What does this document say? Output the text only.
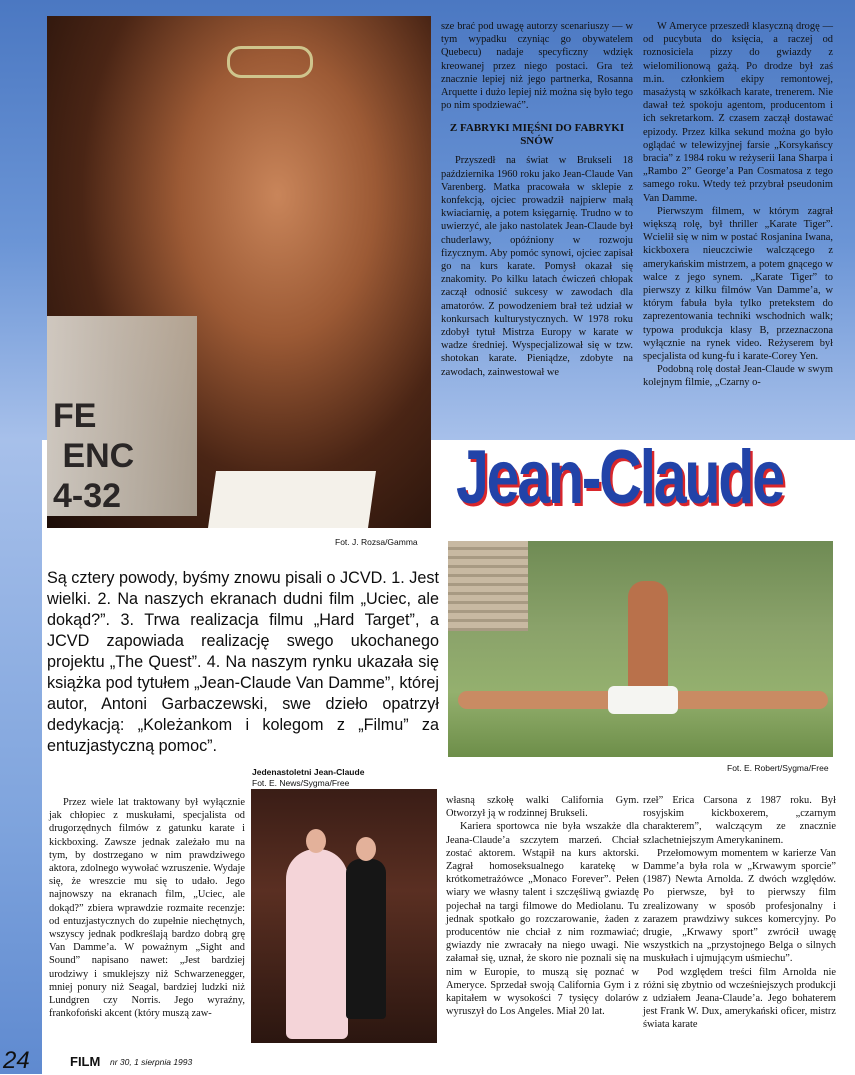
FE
ENC
4-32
Fot. J. Rozsa/Gamma

sze brać pod uwagę autorzy scenariuszy — w tym wypadku czyniąc go obywatelem Quebecu) nadaje specyficzny wdzięk kreowanej przez niego postaci. Gra też znacznie lepiej niż jego partnerka, Rosanna Arquette i dużo lepiej niż można się było tego po nim spodziewać”.

Z FABRYKI MIĘŚNI DO FABRYKI SNÓW

Przyszedł na świat w Brukseli 18 października 1960 roku jako Jean-Claude Van Varenberg. Matka pracowała w sklepie z konfekcją, ojciec prowadził najpierw małą kwiaciarnię, a potem księgarnię. Trudno w to uwierzyć, ale jako nastolatek Jean-Claude był chuderlawy, opóźniony w rozwoju fizycznym. Aby pomóc synowi, ojciec zapisał go na kurs karate. Pomysł okazał się znakomity. Po kilku latach ćwiczeń chłopak zaczął odnosić sukcesy w zawodach dla amatorów. Z powodzeniem brał też udział w konkursach kulturystycznych. W 1978 roku zdobył tytuł Mistrza Europy w karate w wadze średniej. Wyspecjalizował się w tzw. shotokan karate. Pieniądze, zdobyte na zawodach, zainwestował we

W Ameryce przeszedł klasyczną drogę — od pucybuta do księcia, a raczej od roznosiciela pizzy do gwiazdy z wielomilionową gażą. Po drodze był zaś m.in. członkiem ekipy remontowej, masażystą w szkółkach karate, trenerem. Nie dawał też spokoju agentom, producentom i ich sekretarkom. Z czasem zaczął dostawać epizody. Przez kilka sekund można go było oglądać w telewizyjnej farsie „Korsykańscy bracia” z 1984 roku w reżyserii Iana Sharpa i „Rambo 2” George’a Pan Cosmatosa z tego samego roku. Wtedy też przybrał pseudonim Van Damme.

Pierwszym filmem, w którym zagrał większą rolę, był thriller „Karate Tiger”. Wcielił się w nim w postać Rosjanina Iwana, kickboxera nieuczciwie walczącego z amerykańskim mistrzem, a potem gnącego w walce z jego synem. „Karate Tiger” to pierwszy z kilku filmów Van Damme’a, w którym fabuła była tylko pretekstem do zaprezentowania techniki wschodnich walk; typowa produkcja klasy B, przeznaczona wyłącznie na rynek video. Reżyserem był specjalista od kung-fu i karate-Corey Yen.

Podobną rolę dostał Jean-Claude w swym kolejnym filmie, „Czarny o-

Jean-Claude
Fot. E. Robert/Sygma/Free
Są cztery powody, byśmy znowu pisali o JCVD. 1. Jest wielki. 2. Na naszych ekranach dudni film „Uciec, ale dokąd?”. 3. Trwa realizacja filmu „Hard Target”, a JCVD zapowiada realizację swego ukochanego projektu „The Quest”. 4. Na naszym rynku ukazała się książka pod tytułem „Jean-Claude Van Damme”, której autor, Antoni Garbaczewski, swe dzieło opatrzył dedykacją: „Koleżankom i kolegom z „Filmu” za entuzjastyczną pomoc”.
Jedenastoletni Jean-Claude
Fot. E. News/Sygma/Free

Przez wiele lat traktowany był wyłącznie jak chłopiec z muskułami, specjalista od drugorzędnych filmów z gatunku karate i kickboxing. Zawsze jednak zależało mu na tym, by dostrzegano w nim prawdziwego aktora, zdolnego wywołać wzruszenie. Wydaje się, że wreszcie mu się to udało. Jego najnowszy na ekranach film, „Uciec, ale dokąd?” zbiera wprawdzie rozmaite recenzje: od entuzjastycznych do zupełnie niechętnych, wszyscy jednak podkreślają bardzo dobrą grę Van Damme’a. W poważnym „Sight and Sound” napisano nawet: „Jest bardziej urodziwy i smuklejszy niż Schwarzenegger, mniej ponury niż Seagal, bardziej ludzki niż Lundgren czy Norris. Jego wyraźny, frankofoński akcent (który muszą zaw-

własną szkołę walki California Gym. Otworzył ją w rodzinnej Brukseli.

Kariera sportowca nie była wszakże dla Jeana-Claude’a szczytem marzeń. Chciał zostać aktorem. Wstąpił na kurs aktorski. Zagrał homoseksualnego karatekę w krótkometrażówce „Monaco Forever”. Pełen wiary we własny talent i szczęśliwą gwiazdę pojechał na targi filmowe do Mediolanu. Tu jednak spotkało go rozczarowanie, żaden z producentów nie chciał z nim rozmawiać; gwiazdy nie zwracały na niego uwagi. Nie załamał się, uznał, że skoro nie poznali się na nim w Europie, to muszą się poznać w Ameryce. Sprzedał swoją California Gym i z kapitałem w wysokości 7 tysięcy dolarów wyruszył do Los Angeles. Miał 20 lat.

rzeł” Erica Carsona z 1987 roku. Był rosyjskim kickboxerem, „czarnym charakterem”, walczącym ze znacznie szlachetniejszym Amerykaninem.

Przełomowym momentem w karierze Van Damme’a była rola w „Krwawym sporcie” (1987) Newta Arnolda. Z dwóch względów. Po pierwsze, był to pierwszy film zrealizowany w sposób profesjonalny i zarazem prawdziwy sukces komercyjny. Po drugie, „Krwawy sport” zwrócił uwagę wszystkich na „przystojnego Belga o silnych muskułach i ujmującym uśmiechu”.

Pod względem treści film Arnolda nie różni się zbytnio od wcześniejszych produkcji z udziałem Jeana-Claude’a. Jego bohaterem jest Frank W. Dux, amerykański oficer, mistrz świata karate

24	FILM nr 30, 1 sierpnia 1993
